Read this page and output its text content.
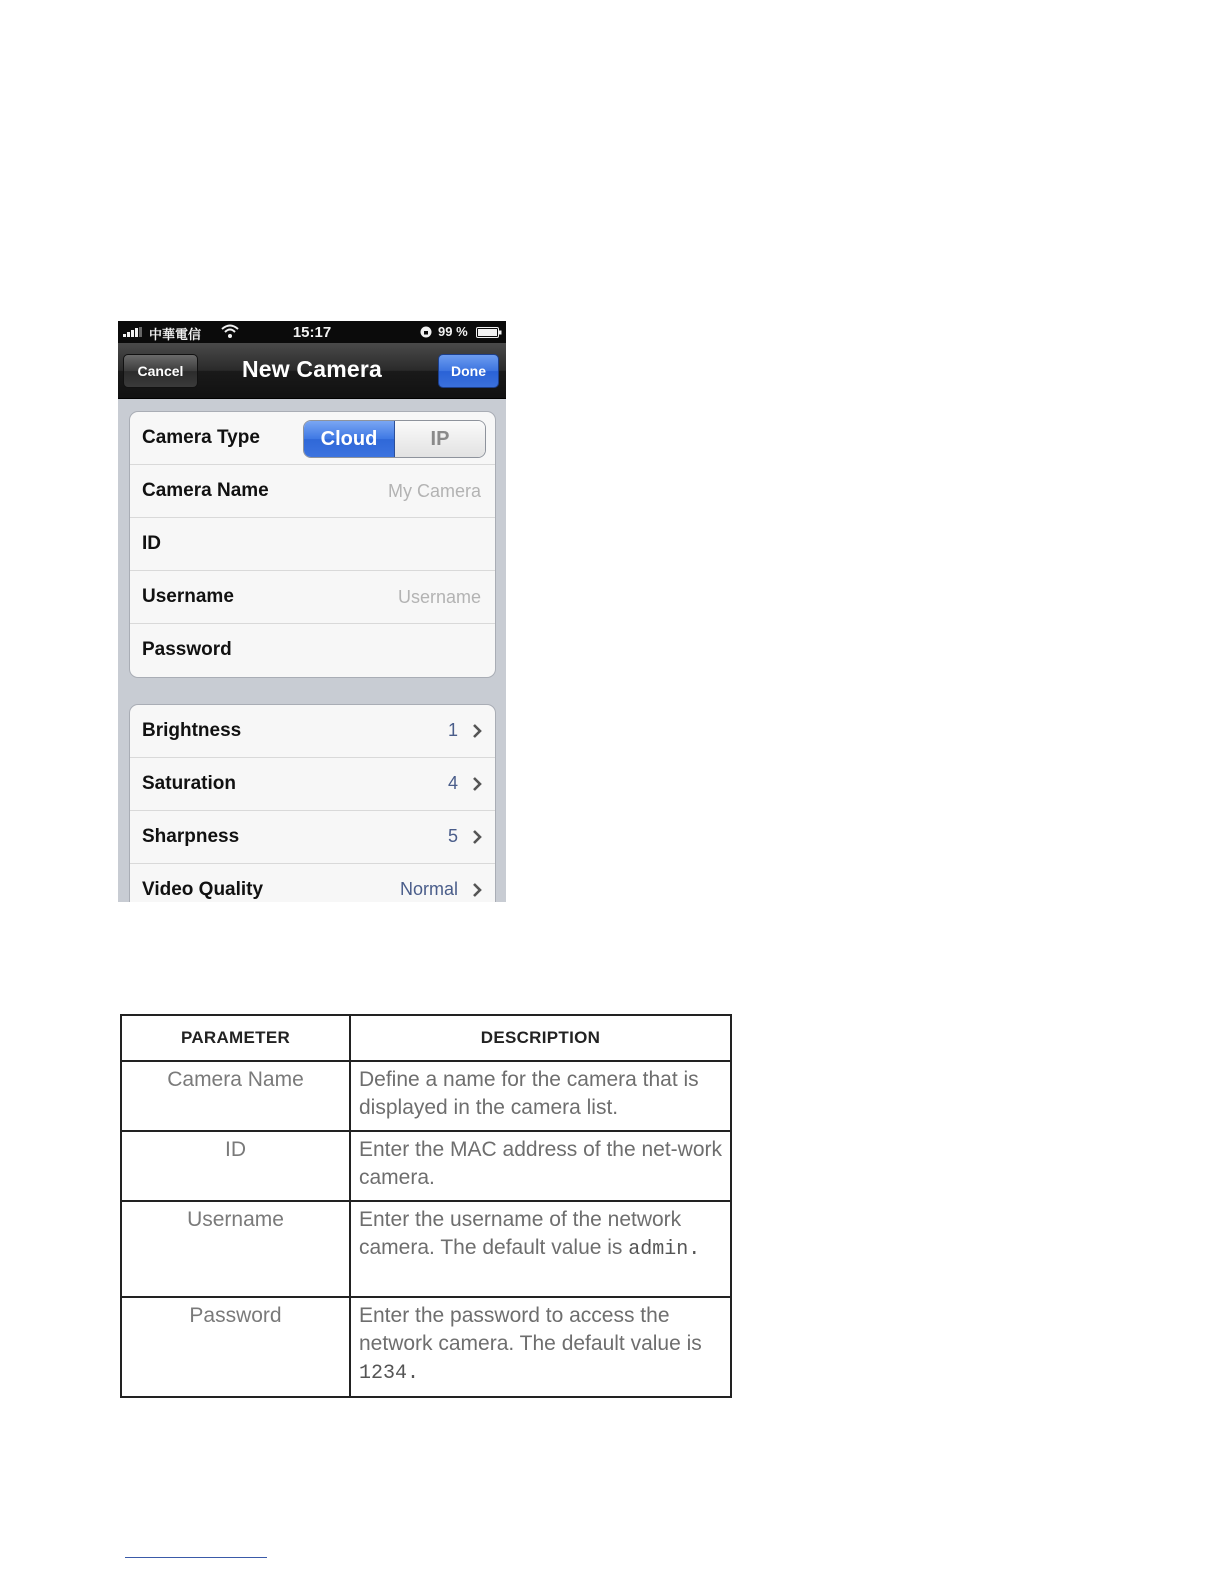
中華電信	15:17	99 %
Cancel	New Camera	Done
Camera Type	Cloud	IP
Camera Name	My Camera
ID
Username	Username
Password
Brightness	1
Saturation	4
Sharpness	5
Video Quality	Normal
PARAMETER	DESCRIPTION
Camera Name	Define a name for the camera that is displayed in the camera list.
ID	Enter the MAC address of the net-work camera.
Username	Enter the username of the network camera. The default value is admin.
Password	Enter the password to access the network camera. The default value is 1234.
